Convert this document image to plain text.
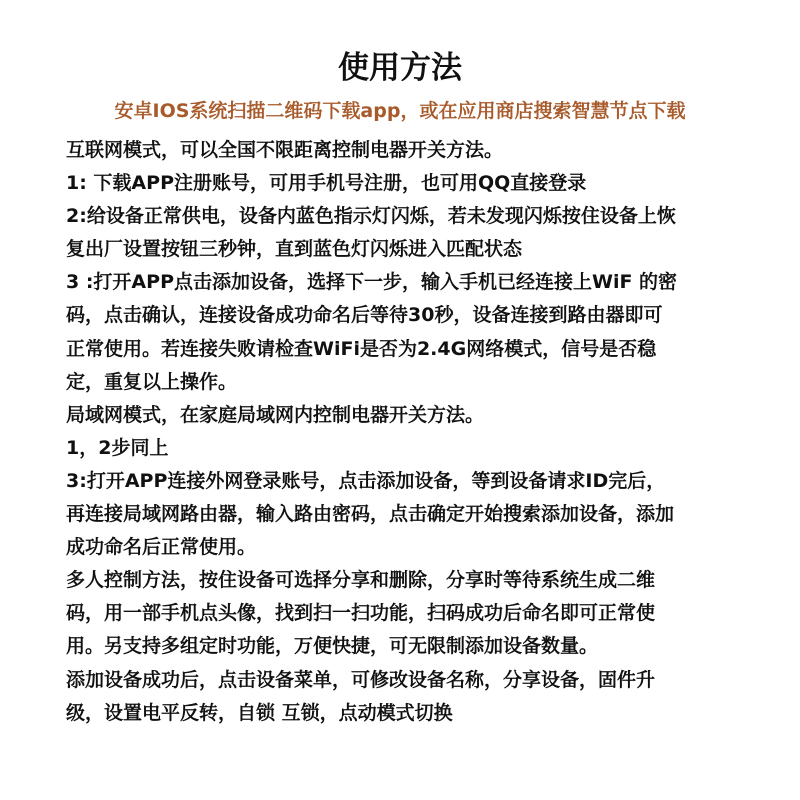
使用方法
安卓IOS系统扫描二维码下载app，或在应用商店搜索智慧节点下载
互联网模式，可以全国不限距离控制电器开关方法。
1: 下载APP注册账号，可用手机号注册，也可用QQ直接登录
2:给设备正常供电，设备内蓝色指示灯闪烁，若未发现闪烁按住设备上恢
复出厂设置按钮三秒钟，直到蓝色灯闪烁进入匹配状态
3 :打开APP点击添加设备，选择下一步，输入手机已经连接上WiF 的密
码，点击确认，连接设备成功命名后等待30秒，设备连接到路由器即可
正常使用。若连接失败请检查WiFi是否为2.4G网络模式，信号是否稳
定，重复以上操作。
局域网模式，在家庭局域网内控制电器开关方法。
1，2步同上
3:打开APP连接外网登录账号，点击添加设备，等到设备请求ID完后，
再连接局域网路由器，输入路由密码，点击确定开始搜索添加设备，添加
成功命名后正常使用。
多人控制方法，按住设备可选择分享和删除，分享时等待系统生成二维
码，用一部手机点头像，找到扫一扫功能，扫码成功后命名即可正常使
用。另支持多组定时功能，万便快捷，可无限制添加设备数量。
添加设备成功后，点击设备菜单，可修改设备名称，分享设备，固件升
级，设置电平反转，自锁 互锁，点动模式切换
